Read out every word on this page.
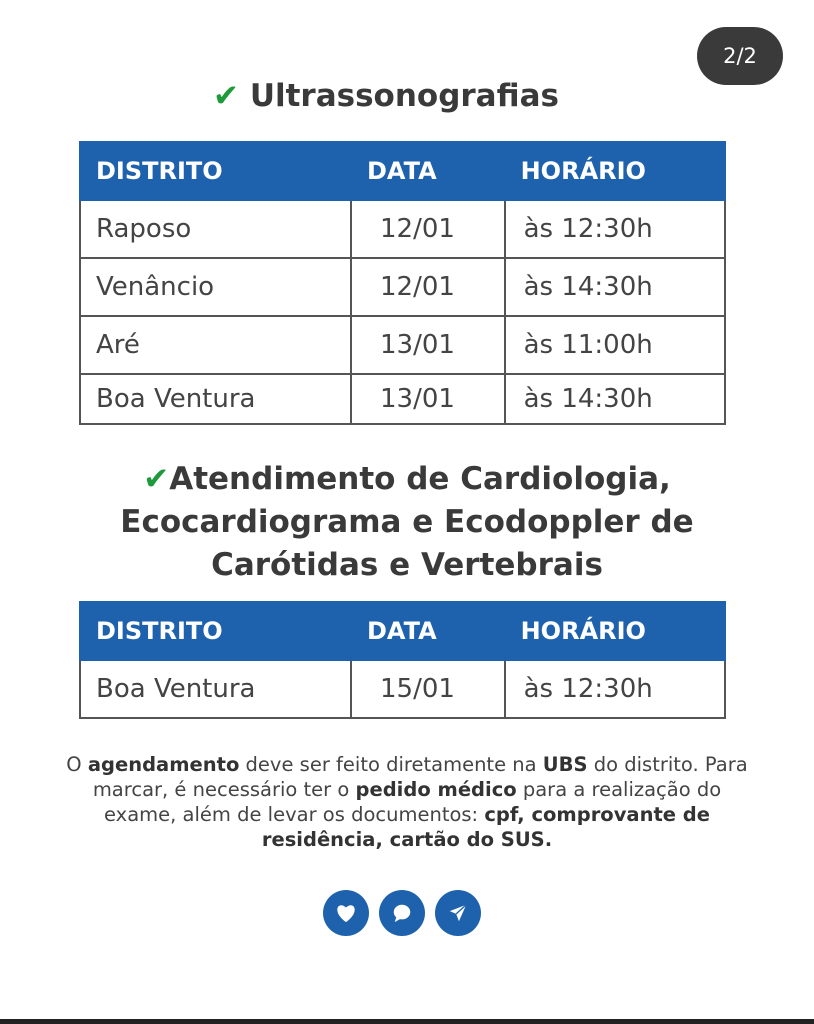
2/2
✔ Ultrassonografias
DISTRITO	DATA	HORÁRIO
Raposo	12/01	às 12:30h
Venâncio	12/01	às 14:30h
Aré	13/01	às 11:00h
Boa Ventura	13/01	às 14:30h
✔Atendimento de Cardiologia,
Ecocardiograma e Ecodoppler de
Carótidas e Vertebrais
DISTRITO	DATA	HORÁRIO
Boa Ventura	15/01	às 12:30h
O agendamento deve ser feito diretamente na UBS do distrito. Para marcar, é necessário ter o pedido médico para a realização do exame, além de levar os documentos: cpf, comprovante de residência, cartão do SUS.
